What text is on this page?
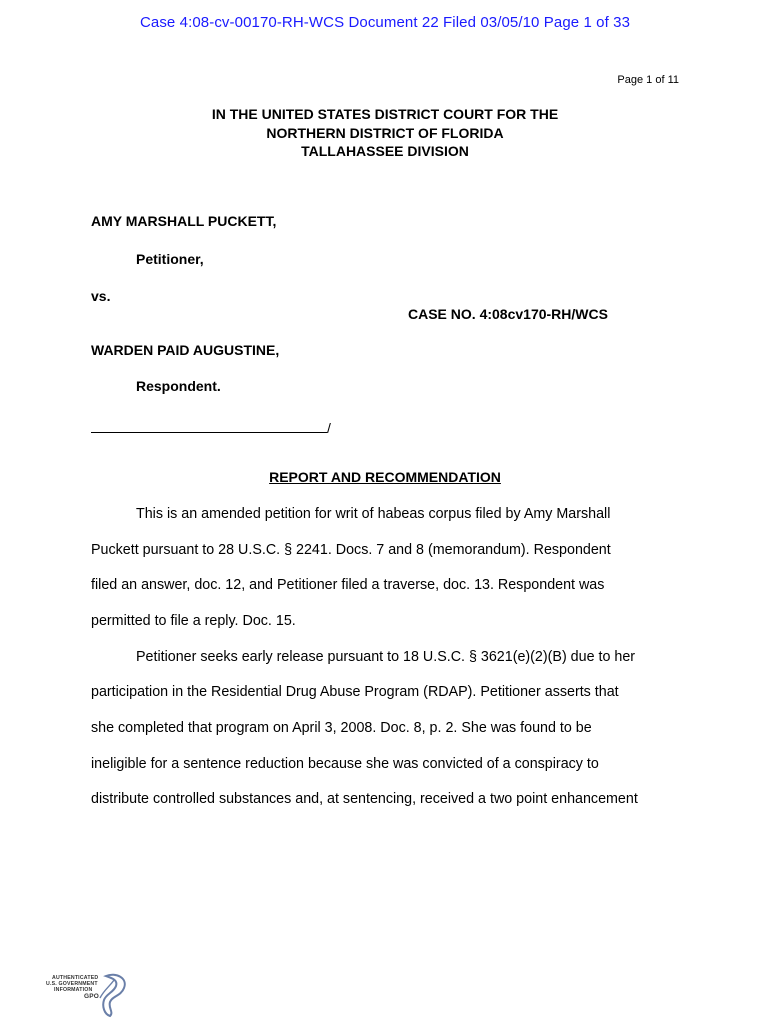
Case 4:08-cv-00170-RH-WCS Document 22 Filed 03/05/10 Page 1 of 33
Page 1 of 11
IN THE UNITED STATES DISTRICT COURT FOR THE
NORTHERN DISTRICT OF FLORIDA
TALLAHASSEE DIVISION
AMY MARSHALL PUCKETT,
Petitioner,
vs.
CASE NO. 4:08cv170-RH/WCS
WARDEN PAID AUGUSTINE,
Respondent.
/
REPORT AND RECOMMENDATION
This is an amended petition for writ of habeas corpus filed by Amy Marshall
Puckett pursuant to 28 U.S.C. § 2241. Docs. 7 and 8 (memorandum). Respondent
filed an answer, doc. 12, and Petitioner filed a traverse, doc. 13. Respondent was
permitted to file a reply. Doc. 15.
Petitioner seeks early release pursuant to 18 U.S.C. § 3621(e)(2)(B) due to her
participation in the Residential Drug Abuse Program (RDAP). Petitioner asserts that
she completed that program on April 3, 2008. Doc. 8, p. 2. She was found to be
ineligible for a sentence reduction because she was convicted of a conspiracy to
distribute controlled substances and, at sentencing, received a two point enhancement
AUTHENTICATED
U.S. GOVERNMENT
INFORMATION
GPO
